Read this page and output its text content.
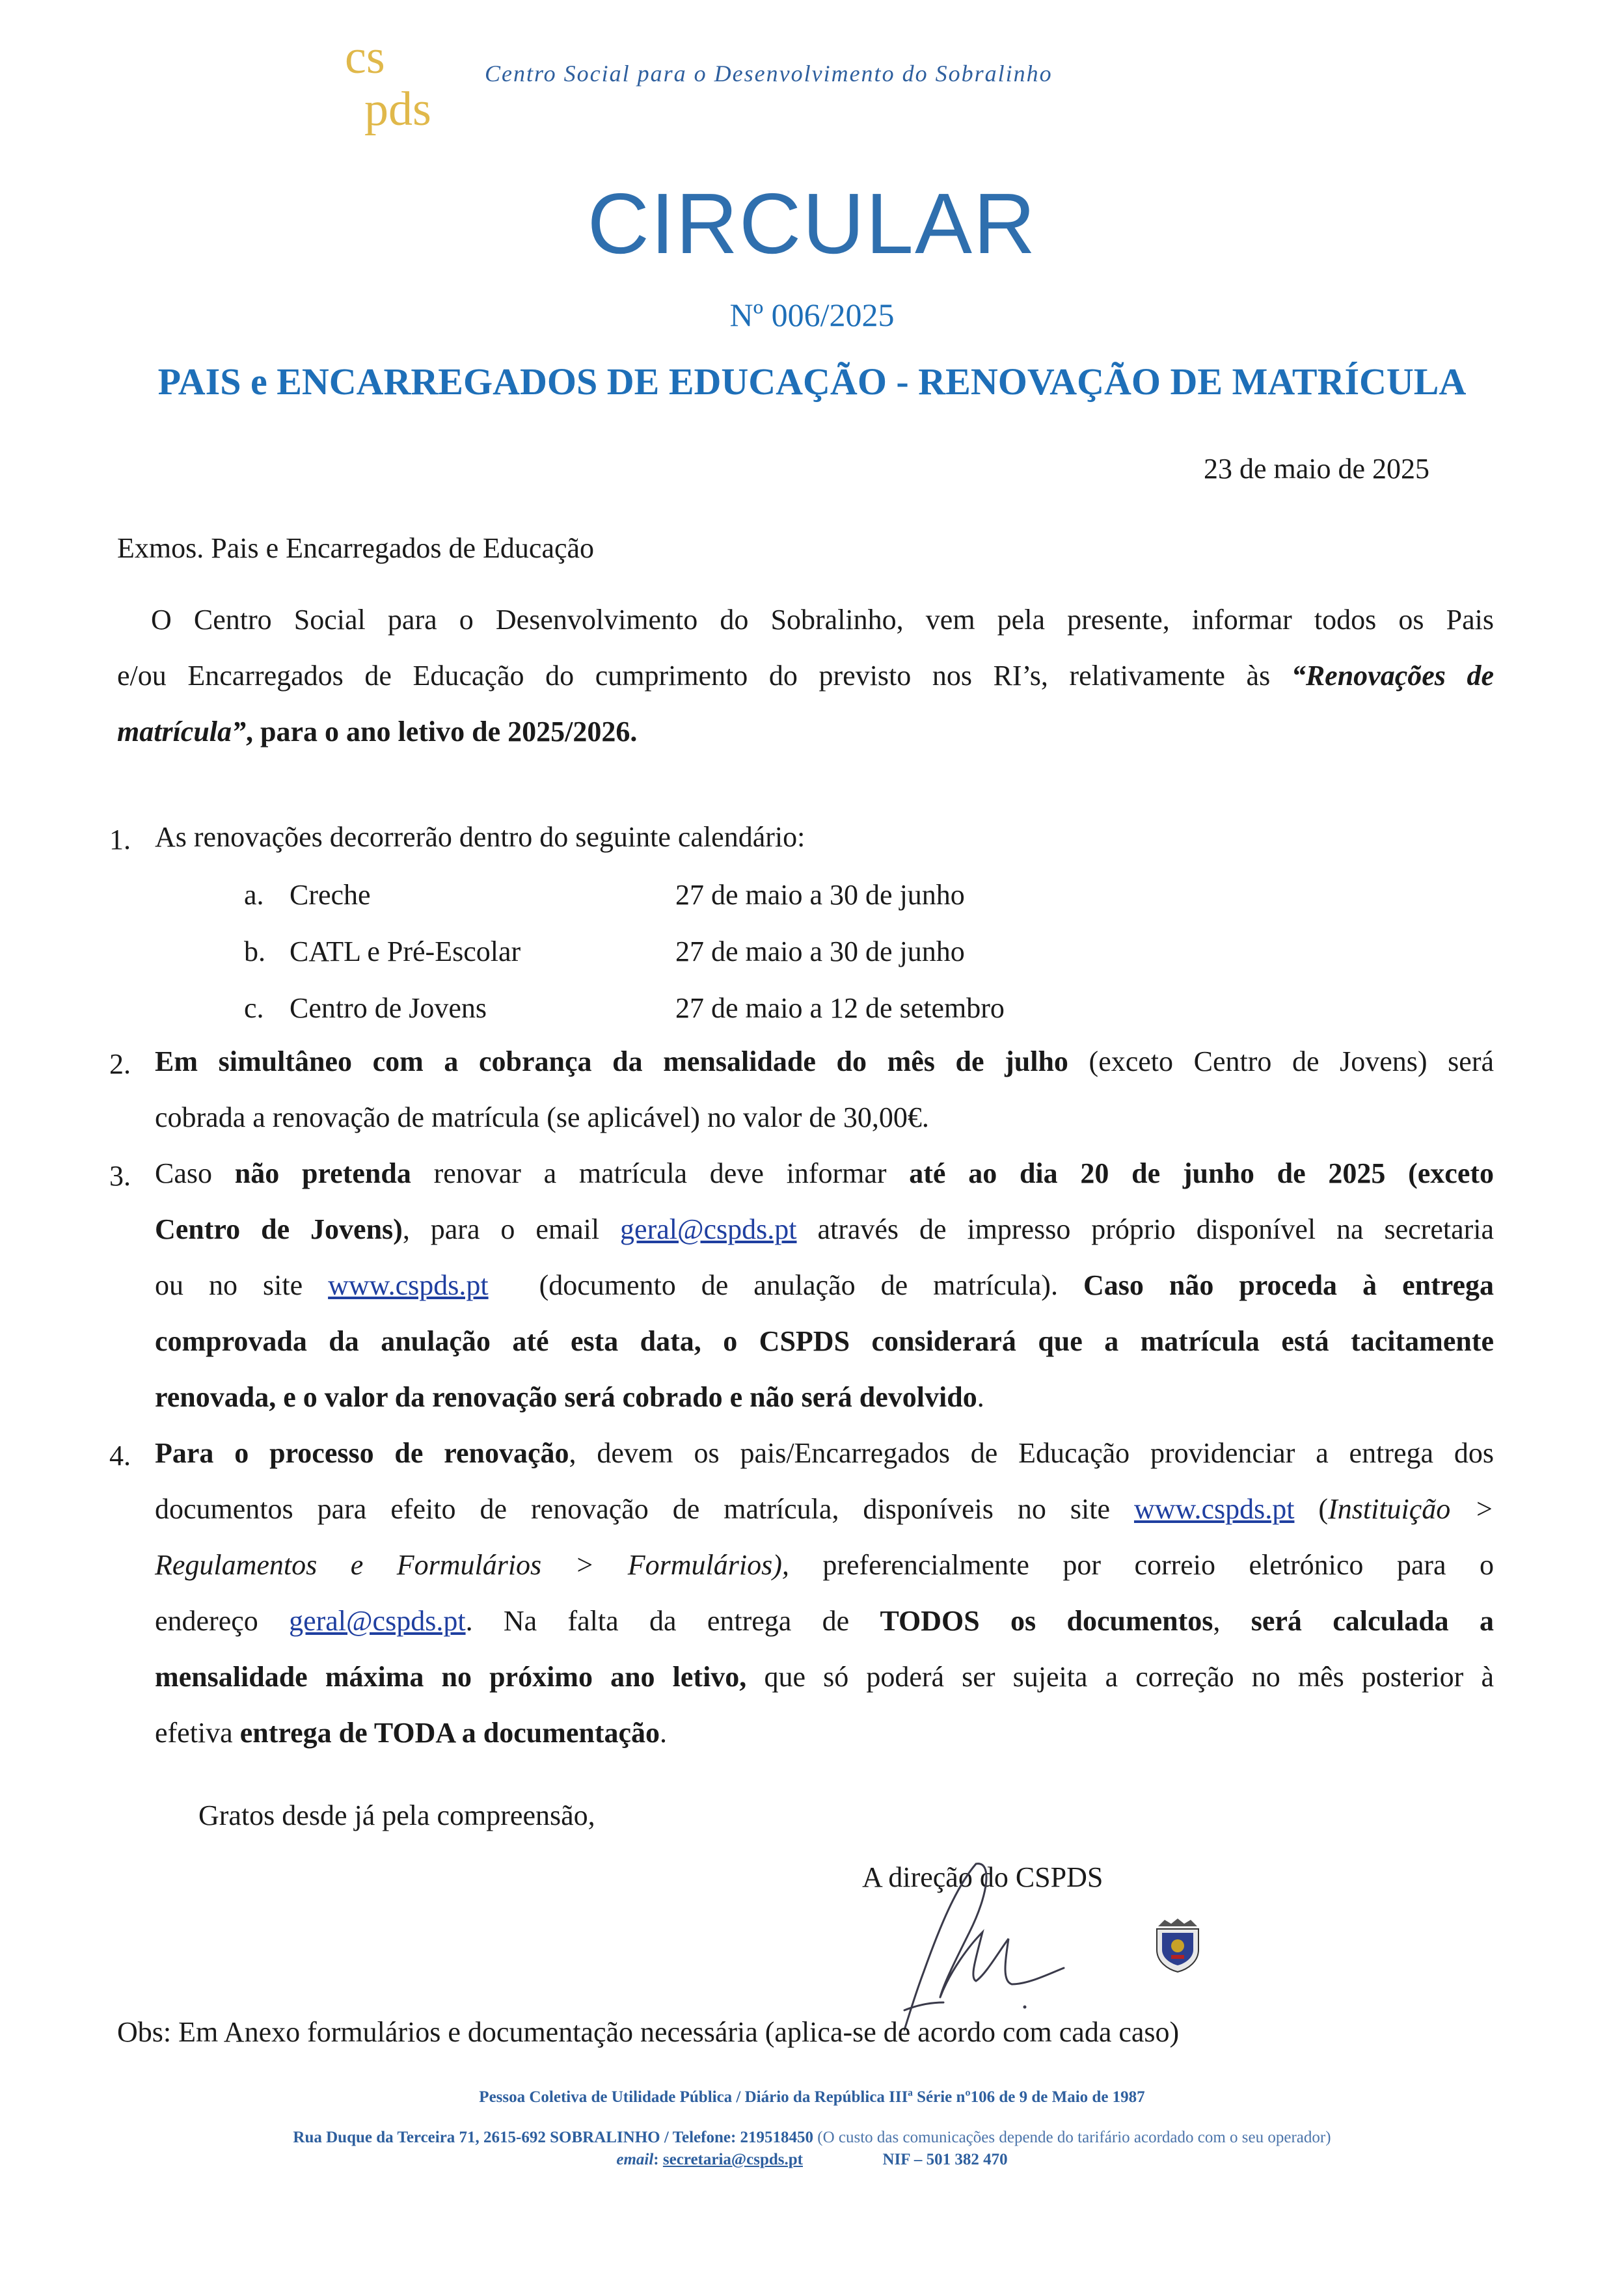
cs
pds
Centro Social para o Desenvolvimento do Sobralinho
CIRCULAR
Nº 006/2025
PAIS e ENCARREGADOS DE EDUCAÇÃO - RENOVAÇÃO DE MATRÍCULA
23 de maio de 2025
Exmos. Pais e Encarregados de Educação
O Centro Social para o Desenvolvimento do Sobralinho, vem pela presente, informar todos os Pais
e/ou Encarregados de Educação do cumprimento do previsto nos RI’s, relativamente às “Renovações de
matrícula”, para o ano letivo de 2025/2026.
1. As renovações decorrerão dentro do seguinte calendário:
a. Creche	27 de maio a 30 de junho
b. CATL e Pré-Escolar	27 de maio a 30 de junho
c. Centro de Jovens	27 de maio a 12 de setembro
2. Em simultâneo com a cobrança da mensalidade do mês de julho (exceto Centro de Jovens) será
cobrada a renovação de matrícula (se aplicável) no valor de 30,00€.
3. Caso não pretenda renovar a matrícula deve informar até ao dia 20 de junho de 2025 (exceto
Centro de Jovens), para o email geral@cspds.pt através de impresso próprio disponível na secretaria
ou no site www.cspds.pt  (documento de anulação de matrícula). Caso não proceda à entrega
comprovada da anulação até esta data, o CSPDS considerará que a matrícula está tacitamente
renovada, e o valor da renovação será cobrado e não será devolvido.
4. Para o processo de renovação, devem os pais/Encarregados de Educação providenciar a entrega dos
documentos para efeito de renovação de matrícula, disponíveis no site www.cspds.pt (Instituição >
Regulamentos e Formulários > Formulários), preferencialmente por correio eletrónico para o
endereço geral@cspds.pt. Na falta da entrega de TODOS os documentos, será calculada a
mensalidade máxima no próximo ano letivo, que só poderá ser sujeita a correção no mês posterior à
efetiva entrega de TODA a documentação.
Gratos desde já pela compreensão,
A direção do CSPDS
Obs: Em Anexo formulários e documentação necessária (aplica-se de acordo com cada caso)
Pessoa Coletiva de Utilidade Pública / Diário da República IIIª Série nº106 de 9 de Maio de 1987
Rua Duque da Terceira 71, 2615-692 SOBRALINHO / Telefone: 219518450 (O custo das comunicações depende do tarifário acordado com o seu operador)
email: secretaria@cspds.pt	NIF – 501 382 470
